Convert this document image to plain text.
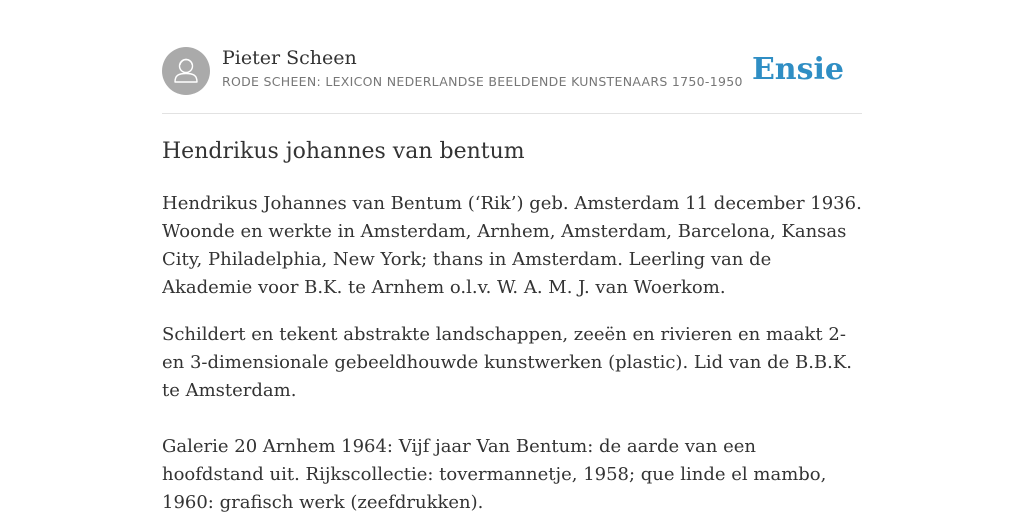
Pieter Scheen
RODE SCHEEN: LEXICON NEDERLANDSE BEELDENDE KUNSTENAARS 1750-1950 Ensie
Hendrikus johannes van bentum

Hendrikus Johannes van Bentum (‘Rik’) geb. Amsterdam 11 december 1936. Woonde en werkte in Amsterdam, Arnhem, Amsterdam, Barcelona, Kansas City, Philadelphia, New York; thans in Amsterdam. Leerling van de Akademie voor B.K. te Arnhem o.l.v. W. A. M. J. van Woerkom.

Schildert en tekent abstrakte landschappen, zeeën en rivieren en maakt 2- en 3-dimensionale gebeeldhouwde kunstwerken (plastic). Lid van de B.B.K. te Amsterdam.

Galerie 20 Arnhem 1964: Vijf jaar Van Bentum: de aarde van een hoofdstand uit. Rijkscollectie: tovermannetje, 1958; que linde el mambo, 1960: grafisch werk (zeefdrukken).
